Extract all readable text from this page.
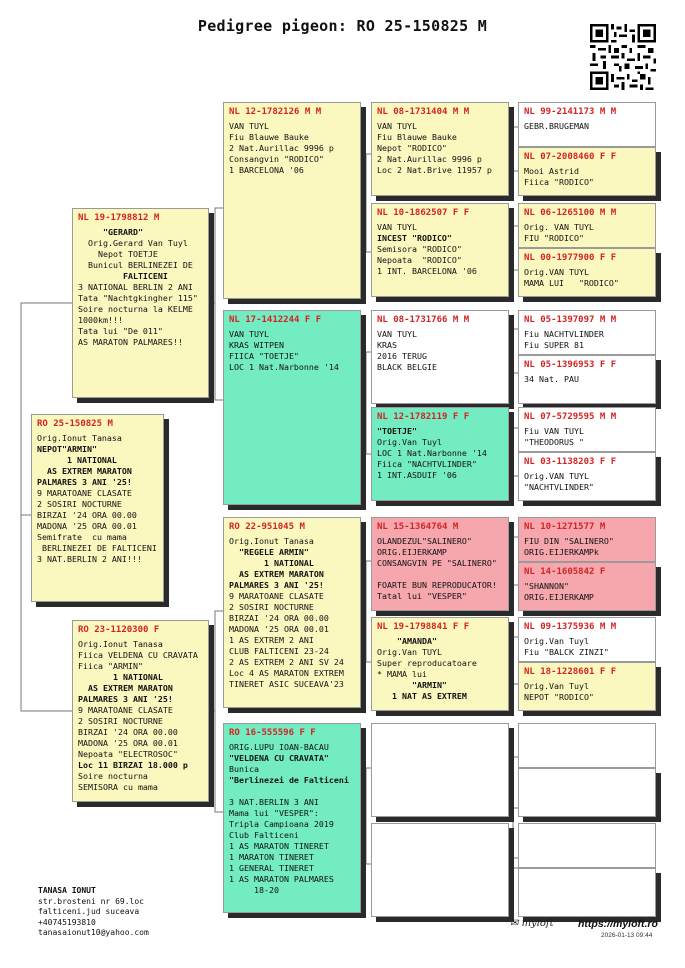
Pedigree pigeon: RO 25-150825 M
RO 25-150825 M
Orig.Ionut Tanasa
NEPOT"ARMIN"
1 NATIONAL
AS EXTREM MARATON
PALMARES 3 ANI '25!
9 MARATOANE CLASATE
2 SOSIRI NOCTURNE
BIRZAI '24 ORA 00.00
MADONA '25 ORA 00.01
Semifrate  cu mama
BERLINEZEI DE FALTICENI
3 NAT.BERLIN 2 ANI!!!
NL 19-1798812 M
"GERARD"
Orig.Gerard Van Tuyl
Nepot TOETJE
Bunicul BERLINEZEI DE
FALTICENI
3 NATIONAL BERLIN 2 ANI
Tata "Nachtgkingher 115"
Soire nocturna la KELME
1000km!!!
Tata lui "De 011"
AS MARATON PALMARES!!
RO 23-1120300 F
Orig.Ionut Tanasa
Fiica VELDENA CU CRAVATA
Fiica "ARMIN"
1 NATIONAL
AS EXTREM MARATON
PALMARES 3 ANI '25!
9 MARATOANE CLASATE
2 SOSIRI NOCTURNE
BIRZAI '24 ORA 00.00
MADONA '25 ORA 00.01
Nepoata "ELECTROSOC"
Loc 11 BIRZAI 18.000 p
Soire nocturna
SEMISORA cu mama
NL 12-1782126 M M
VAN TUYL
Fiu Blauwe Bauke
2 Nat.Aurillac 9996 p
Consangvin "RODICO"
1 BARCELONA '06
NL 17-1412244 F F
VAN TUYL
KRAS WITPEN
FIICA "TOETJE"
LOC 1 Nat.Narbonne '14
RO 22-951045 M
Orig.Ionut Tanasa
"REGELE ARMIN"
1 NATIONAL
AS EXTREM MARATON
PALMARES 3 ANI '25!
9 MARATOANE CLASATE
2 SOSIRI NOCTURNE
BIRZAI '24 ORA 00.00
MADONA '25 ORA 00.01
1 AS EXTREM 2 ANI
CLUB FALTICENI 23-24
2 AS EXTREM 2 ANI SV 24
Loc 4 AS MARATON EXTREM
TINERET ASIC SUCEAVA'23
RO 16-555596 F F
ORIG.LUPU IOAN-BACAU
"VELDENA CU CRAVATA"
Bunica
"Berlinezei de Falticeni

3 NAT.BERLIN 3 ANI
Mama lui "VESPER":
Tripla Campioana 2019
Club Falticeni
1 AS MARATON TINERET
1 MARATON TINERET
1 GENERAL TINERET
1 AS MARATON PALMARES
18-20
NL 08-1731404 M M
VAN TUYL
Fiu Blauwe Bauke
Nepot "RODICO"
2 Nat.Aurillac 9996 p
Loc 2 Nat.Brive 11957 p
NL 10-1862507 F F
VAN TUYL
INCEST "RODICO"
Semisora "RODICO"
Nepoata  "RODICO"
1 INT. BARCELONA '06
NL 08-1731766 M M
VAN TUYL
KRAS
2016 TERUG
BLACK BELGIE
NL 12-1782119 F F
"TOETJE"
Orig.Van Tuyl
LOC 1 Nat.Narbonne '14
Fiica "NACHTVLINDER"
1 INT.ASDUIF '06
NL 15-1364764 M
OLANDEZUL"SALINERO"
ORIG.EIJERKAMP
CONSANGVIN PE "SALINERO"

FOARTE BUN REPRODUCATOR!
Tatal lui "VESPER"
NL 19-1798841 F F
"AMANDA"
Orig.Van TUYL
Super reproducatoare
* MAMA lui
"ARMIN"
1 NAT AS EXTREM
NL 99-2141173 M M
GEBR.BRUGEMAN
NL 07-2008460 F F
Mooi Astrid
Fiica "RODICO"
NL 06-1265100 M M
Orig. VAN TUYL
FIU "RODICO"
NL 00-1977900 F F
Orig.VAN TUYL
MAMA LUI   "RODICO"
NL 05-1397097 M M
Fiu NACHTVLINDER
Fiu SUPER 81
NL 05-1396953 F F
34 Nat. PAU
NL 07-5729595 M M
Fiu VAN TUYL
"THEODORUS "
NL 03-1138203 F F
Orig.VAN TUYL
"NACHTVLINDER"
NL 10-1271577 M
FIU DIN "SALINERO"
ORIG.EIJERKAMPk
NL 14-1605842 F
"SHANNON"
ORIG.EIJERKAMP
NL 09-1375936 M M
Orig.Van Tuyl
Fiu "BALCK ZINZI"
NL 18-1228601 F F
Orig.Van Tuyl
NEPOT "RODICO"
TANASA IONUT
str.brosteni nr 69.loc
falticeni.jud suceava
+40745193810
tanasaionut10@yahoo.com
✉ myloft https://myloft.ro
2026-01-13 09:44
